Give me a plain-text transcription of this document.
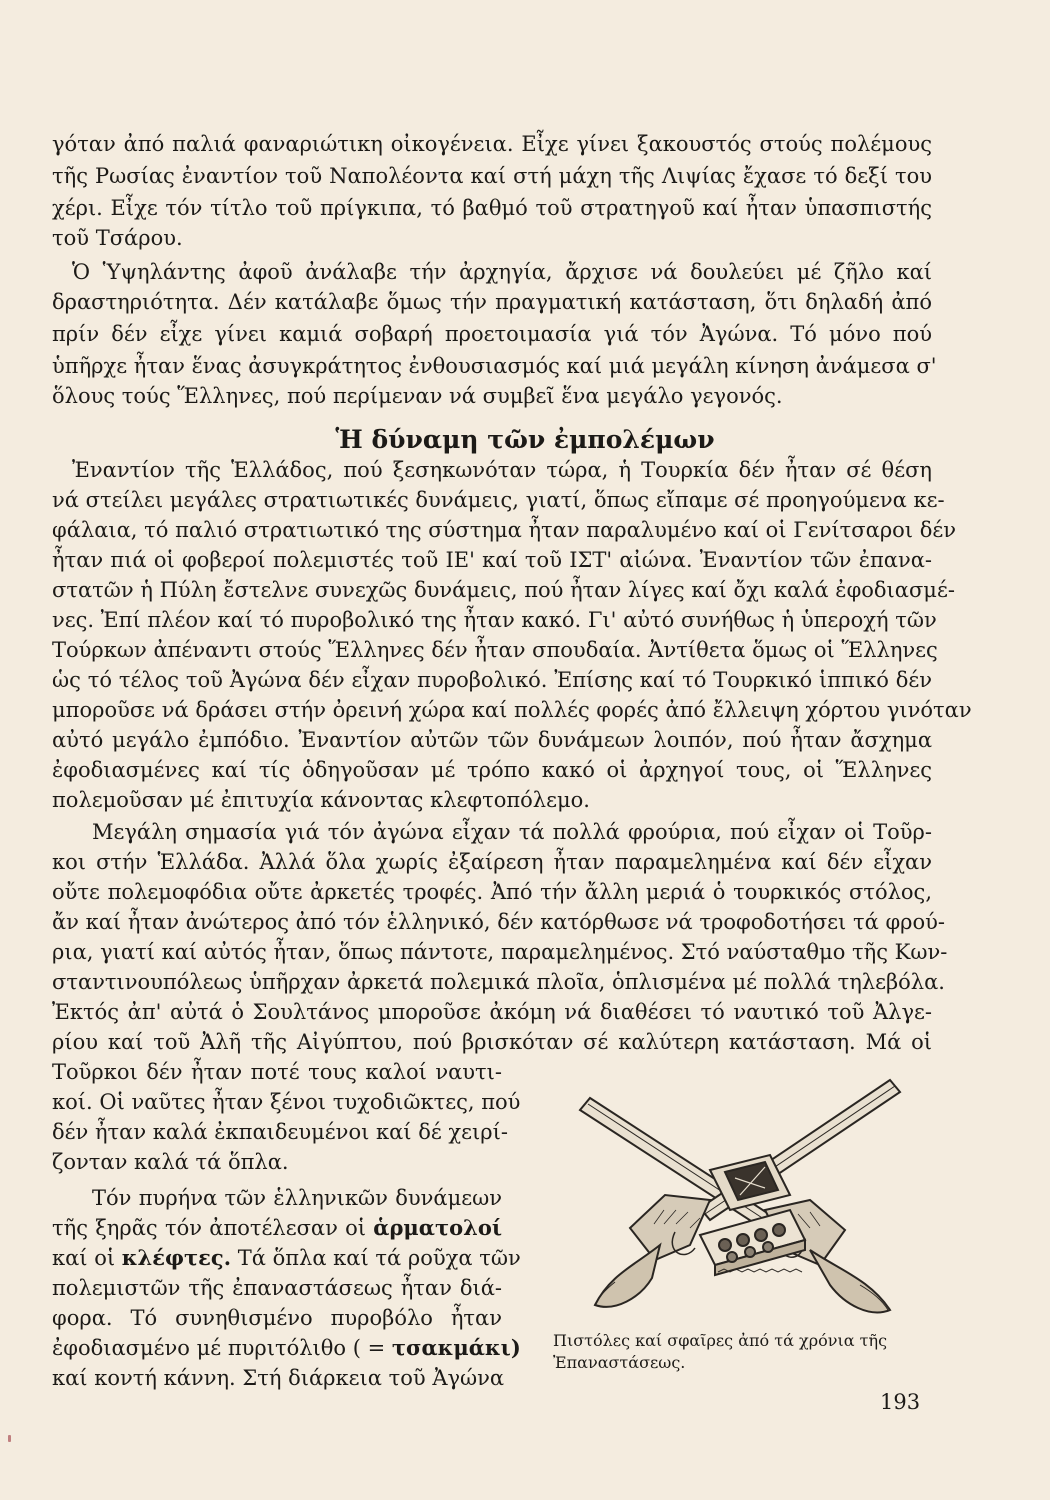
γόταν ἀπό παλιά φαναριώτικη οἰκογένεια. Εἶχε γίνει ξακουστός στούς πολέμους
τῆς Ρωσίας ἐναντίον τοῦ Ναπολέοντα καί στή μάχη τῆς Λιψίας ἔχασε τό δεξί του
χέρι. Εἶχε τόν τίτλο τοῦ πρίγκιπα, τό βαθμό τοῦ στρατηγοῦ καί ἦταν ὑπασπιστής
τοῦ Τσάρου.
Ὁ Ὑψηλάντης ἀφοῦ ἀνάλαβε τήν ἀρχηγία, ἄρχισε νά δουλεύει μέ ζῆλο καί
δραστηριότητα. Δέν κατάλαβε ὅμως τήν πραγματική κατάσταση, ὅτι δηλαδή ἀπό
πρίν δέν εἶχε γίνει καμιά σοβαρή προετοιμασία γιά τόν Ἀγώνα. Τό μόνο πού
ὑπῆρχε ἦταν ἕνας ἀσυγκράτητος ἐνθουσιασμός καί μιά μεγάλη κίνηση ἀνάμεσα σ'
ὅλους τούς Ἕλληνες, πού περίμεναν νά συμβεῖ ἕνα μεγάλο γεγονός.
Ἡ δύναμη τῶν ἐμπολέμων
Ἐναντίον τῆς Ἑλλάδος, πού ξεσηκωνόταν τώρα, ἡ Τουρκία δέν ἦταν σέ θέση
νά στείλει μεγάλες στρατιωτικές δυνάμεις, γιατί, ὅπως εἴπαμε σέ προηγούμενα κε-
φάλαια, τό παλιό στρατιωτικό της σύστημα ἦταν παραλυμένο καί οἱ Γενίτσαροι δέν
ἦταν πιά οἱ φοβεροί πολεμιστές τοῦ ΙΕ' καί τοῦ ΙΣΤ' αἰώνα. Ἐναντίον τῶν ἐπανα-
στατῶν ἡ Πύλη ἔστελνε συνεχῶς δυνάμεις, πού ἦταν λίγες καί ὄχι καλά ἐφοδιασμέ-
νες. Ἐπί πλέον καί τό πυροβολικό της ἦταν κακό. Γι' αὐτό συνήθως ἡ ὑπεροχή τῶν
Τούρκων ἀπέναντι στούς Ἕλληνες δέν ἦταν σπουδαία. Ἀντίθετα ὅμως οἱ Ἕλληνες
ὡς τό τέλος τοῦ Ἀγώνα δέν εἶχαν πυροβολικό. Ἐπίσης καί τό Τουρκικό ἱππικό δέν
μποροῦσε νά δράσει στήν ὀρεινή χώρα καί πολλές φορές ἀπό ἔλλειψη χόρτου γινόταν
αὐτό μεγάλο ἐμπόδιο. Ἐναντίον αὐτῶν τῶν δυνάμεων λοιπόν, πού ἦταν ἄσχημα
ἐφοδιασμένες καί τίς ὁδηγοῦσαν μέ τρόπο κακό οἱ ἀρχηγοί τους, οἱ Ἕλληνες
πολεμοῦσαν μέ ἐπιτυχία κάνοντας κλεφτοπόλεμο.
Μεγάλη σημασία γιά τόν ἀγώνα εἶχαν τά πολλά φρούρια, πού εἶχαν οἱ Τοῦρ-
κοι στήν Ἑλλάδα. Ἀλλά ὅλα χωρίς ἐξαίρεση ἦταν παραμελημένα καί δέν εἶχαν
οὔτε πολεμοφόδια οὔτε ἀρκετές τροφές. Ἀπό τήν ἄλλη μεριά ὁ τουρκικός στόλος,
ἄν καί ἦταν ἀνώτερος ἀπό τόν ἑλληνικό, δέν κατόρθωσε νά τροφοδοτήσει τά φρού-
ρια, γιατί καί αὐτός ἦταν, ὅπως πάντοτε, παραμελημένος. Στό ναύσταθμο τῆς Κων-
σταντινουπόλεως ὑπῆρχαν ἀρκετά πολεμικά πλοῖα, ὁπλισμένα μέ πολλά τηλεβόλα.
Ἐκτός ἀπ' αὐτά ὁ Σουλτάνος μποροῦσε ἀκόμη νά διαθέσει τό ναυτικό τοῦ Ἀλγε-
ρίου καί τοῦ Ἀλῆ τῆς Αἰγύπτου, πού βρισκόταν σέ καλύτερη κατάσταση. Μά οἱ
Τοῦρκοι δέν ἦταν ποτέ τους καλοί ναυτι-
κοί. Οἱ ναῦτες ἦταν ξένοι τυχοδιῶκτες, πού
δέν ἦταν καλά ἐκπαιδευμένοι καί δέ χειρί-
ζονταν καλά τά ὅπλα.
Τόν πυρήνα τῶν ἑλληνικῶν δυνάμεων
τῆς ξηρᾶς τόν ἀποτέλεσαν οἱ ἁρματολοί
καί οἱ κλέφτες. Τά ὅπλα καί τά ροῦχα τῶν
πολεμιστῶν τῆς ἐπαναστάσεως ἦταν διά-
φορα. Τό συνηθισμένο πυροβόλο ἦταν
ἐφοδιασμένο μέ πυριτόλιθο ( = τσακμάκι)
καί κοντή κάννη. Στή διάρκεια τοῦ Ἀγώνα
Πιστόλες καί σφαῖρες ἀπό τά χρόνια τῆς
Ἐπαναστάσεως.
193
